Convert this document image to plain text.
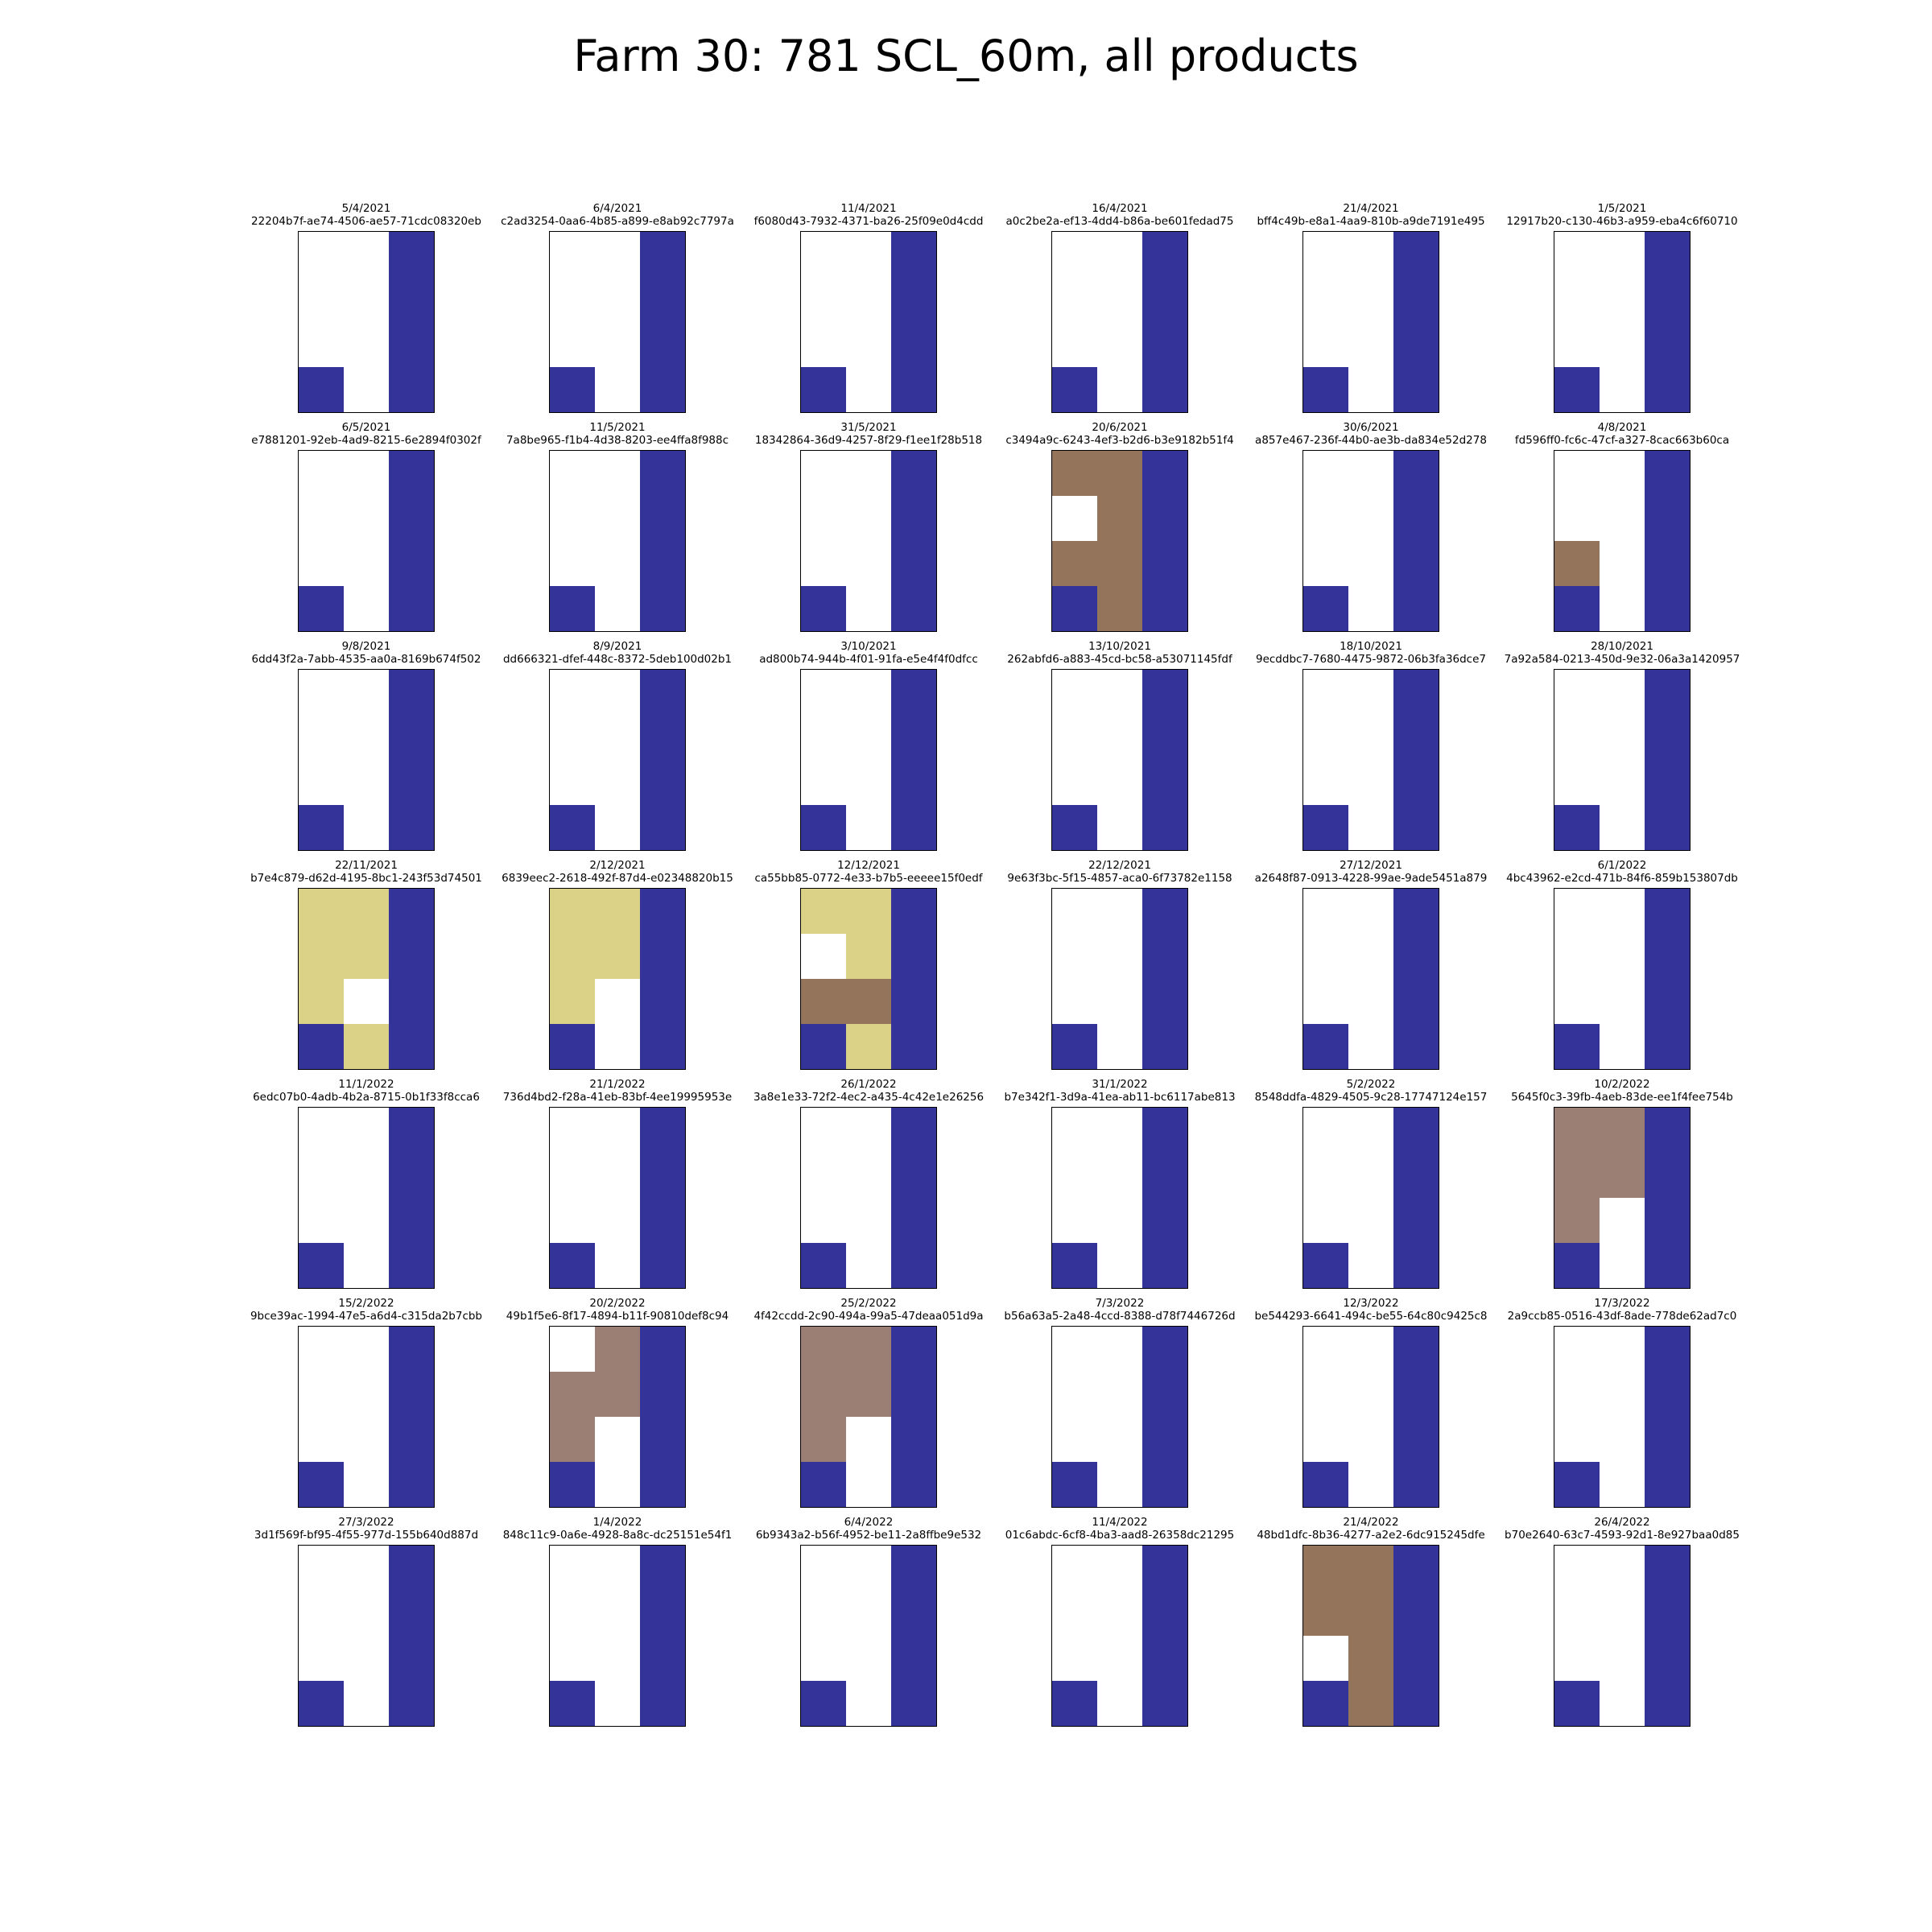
Farm 30: 781 SCL_60m, all products
5/4/2021
22204b7f-ae74-4506-ae57-71cdc08320eb
6/4/2021
c2ad3254-0aa6-4b85-a899-e8ab92c7797a
11/4/2021
f6080d43-7932-4371-ba26-25f09e0d4cdd
16/4/2021
a0c2be2a-ef13-4dd4-b86a-be601fedad75
21/4/2021
bff4c49b-e8a1-4aa9-810b-a9de7191e495
1/5/2021
12917b20-c130-46b3-a959-eba4c6f60710
6/5/2021
e7881201-92eb-4ad9-8215-6e2894f0302f
11/5/2021
7a8be965-f1b4-4d38-8203-ee4ffa8f988c
31/5/2021
18342864-36d9-4257-8f29-f1ee1f28b518
20/6/2021
c3494a9c-6243-4ef3-b2d6-b3e9182b51f4
30/6/2021
a857e467-236f-44b0-ae3b-da834e52d278
4/8/2021
fd596ff0-fc6c-47cf-a327-8cac663b60ca
9/8/2021
6dd43f2a-7abb-4535-aa0a-8169b674f502
8/9/2021
dd666321-dfef-448c-8372-5deb100d02b1
3/10/2021
ad800b74-944b-4f01-91fa-e5e4f4f0dfcc
13/10/2021
262abfd6-a883-45cd-bc58-a53071145fdf
18/10/2021
9ecddbc7-7680-4475-9872-06b3fa36dce7
28/10/2021
7a92a584-0213-450d-9e32-06a3a1420957
22/11/2021
b7e4c879-d62d-4195-8bc1-243f53d74501
2/12/2021
6839eec2-2618-492f-87d4-e02348820b15
12/12/2021
ca55bb85-0772-4e33-b7b5-eeeee15f0edf
22/12/2021
9e63f3bc-5f15-4857-aca0-6f73782e1158
27/12/2021
a2648f87-0913-4228-99ae-9ade5451a879
6/1/2022
4bc43962-e2cd-471b-84f6-859b153807db
11/1/2022
6edc07b0-4adb-4b2a-8715-0b1f33f8cca6
21/1/2022
736d4bd2-f28a-41eb-83bf-4ee19995953e
26/1/2022
3a8e1e33-72f2-4ec2-a435-4c42e1e26256
31/1/2022
b7e342f1-3d9a-41ea-ab11-bc6117abe813
5/2/2022
8548ddfa-4829-4505-9c28-17747124e157
10/2/2022
5645f0c3-39fb-4aeb-83de-ee1f4fee754b
15/2/2022
9bce39ac-1994-47e5-a6d4-c315da2b7cbb
20/2/2022
49b1f5e6-8f17-4894-b11f-90810def8c94
25/2/2022
4f42ccdd-2c90-494a-99a5-47deaa051d9a
7/3/2022
b56a63a5-2a48-4ccd-8388-d78f7446726d
12/3/2022
be544293-6641-494c-be55-64c80c9425c8
17/3/2022
2a9ccb85-0516-43df-8ade-778de62ad7c0
27/3/2022
3d1f569f-bf95-4f55-977d-155b640d887d
1/4/2022
848c11c9-0a6e-4928-8a8c-dc25151e54f1
6/4/2022
6b9343a2-b56f-4952-be11-2a8ffbe9e532
11/4/2022
01c6abdc-6cf8-4ba3-aad8-26358dc21295
21/4/2022
48bd1dfc-8b36-4277-a2e2-6dc915245dfe
26/4/2022
b70e2640-63c7-4593-92d1-8e927baa0d85
